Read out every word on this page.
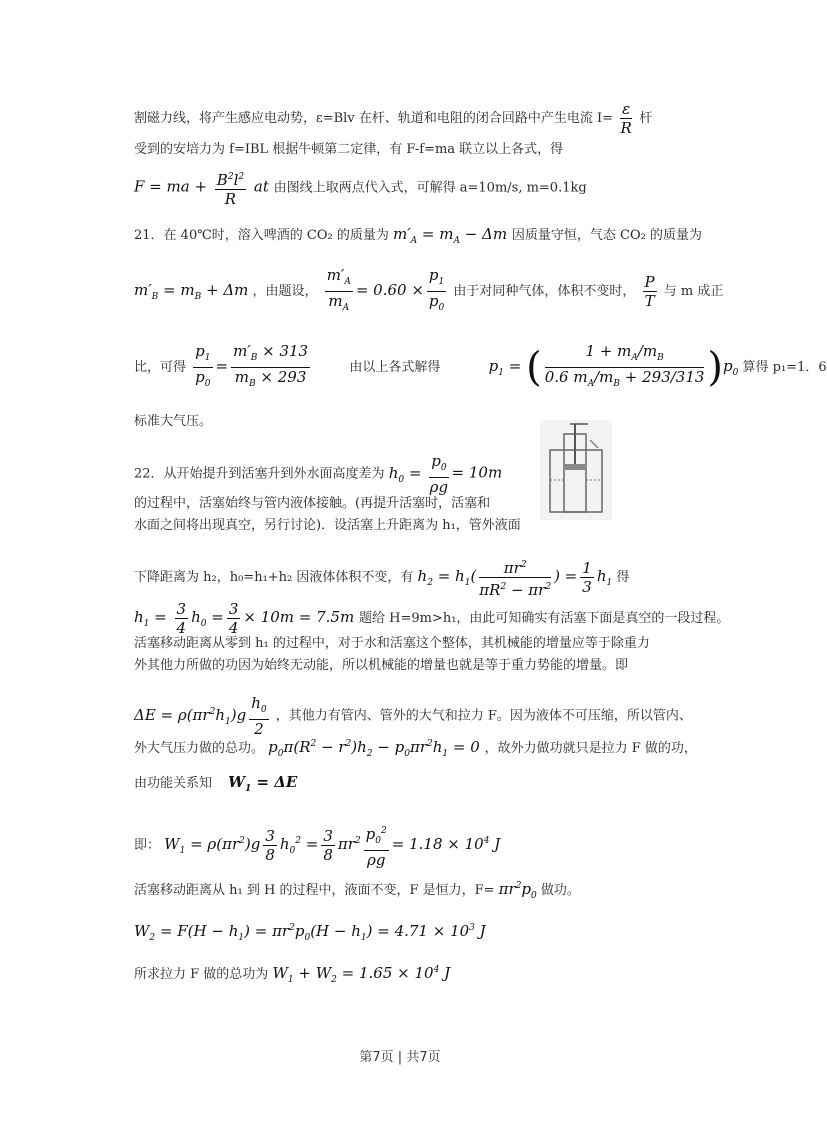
割磁力线，将产生感应电动势，ε=Blv 在杆、轨道和电阻的闭合回路中产生电流 $I= \frac{\varepsilon}{R}$ 杆
受到的安培力为 f=IBL 根据牛顿第二定律，有 F-f=ma 联立以上各式，得
F = ma + $\frac{B^2l^2}{R}$ at 由图线上取两点代入式，可解得 a=10m/s, m=0.1kg
21．在 40℃时，溶入啤酒的 CO₂ 的质量为 $m'_A = m_A - \Delta m$ 因质量守恒，气态 CO₂ 的质量为
$m'_B = m_B + \Delta m$ ，由题设， $\frac{m'_A}{m_A} = 0.60 \times \frac{p_1}{p_0}$ 由于对同种气体，体积不变时， $\frac{P}{T}$ 与 m 成正
比，可得 $\frac{p_1}{p_0} = \frac{m'_B \times 313}{m_B \times 293}$	由以上各式解得	$p_1$ = ( $\frac{1 + m_A/m_B}{0.6 m_A/m_B + 293/313} )p_0$ 算得 p₁=1．6
标准大气压。
22．从开始提升到活塞升到外水面高度差为 $h_0 = \frac{p_0}{\rho g} = 10m$
的过程中，活塞始终与管内液体接触。(再提升活塞时，活塞和
水面之间将出现真空，另行讨论)．设活塞上升距离为 h₁，管外液面
下降距离为 h₂，h₀=h₁+h₂ 因液体体积不变，有 $h_2 = h_1( \frac{\pi r^2}{\pi R^2 - \pi r^2}$ ) = $\frac{1}{3} h_1$ 得
$h_1 = \frac{3}{4} h_0 = \frac{3}{4} \times 10m = 7.5m$ 题给 H=9m>h₁，由此可知确实有活塞下面是真空的一段过程。
活塞移动距离从零到 h₁ 的过程中，对于水和活塞这个整体，其机械能的增量应等于除重力
外其他力所做的功因为始终无动能，所以机械能的增量也就是等于重力势能的增量。即
$\Delta E = \rho(\pi r^2h_1)g \frac{h_0}{2}$ ，其他力有管内、管外的大气和拉力 F。因为液体不可压缩，所以管内、
外大气压力做的总功。 $p_0\pi(R^2 - r^2)h_2 - p_0\pi r^2h_1 = 0$ ，故外力做功就只是拉力 F 做的功，
由功能关系知 $W_1 = \Delta E$
即： $W_1 = \rho(\pi r^2)g \frac{3}{8} h_0^2 = \frac{3}{8} \pi r^2 \frac{p_0^2}{\rho g} = 1.18 \times 10^4$ J
活塞移动距离从 h₁ 到 H 的过程中，液面不变，F 是恒力，$F= \pi r^2p_0$ 做功。
$W_2 = F(H - h_1) = \pi r^2p_0(H - h_1) = 4.71 \times 10^3$ J
所求拉力 F 做的总功为 $W_1 + W_2 = 1.65 \times 10^4$ J
第7页 | 共7页
